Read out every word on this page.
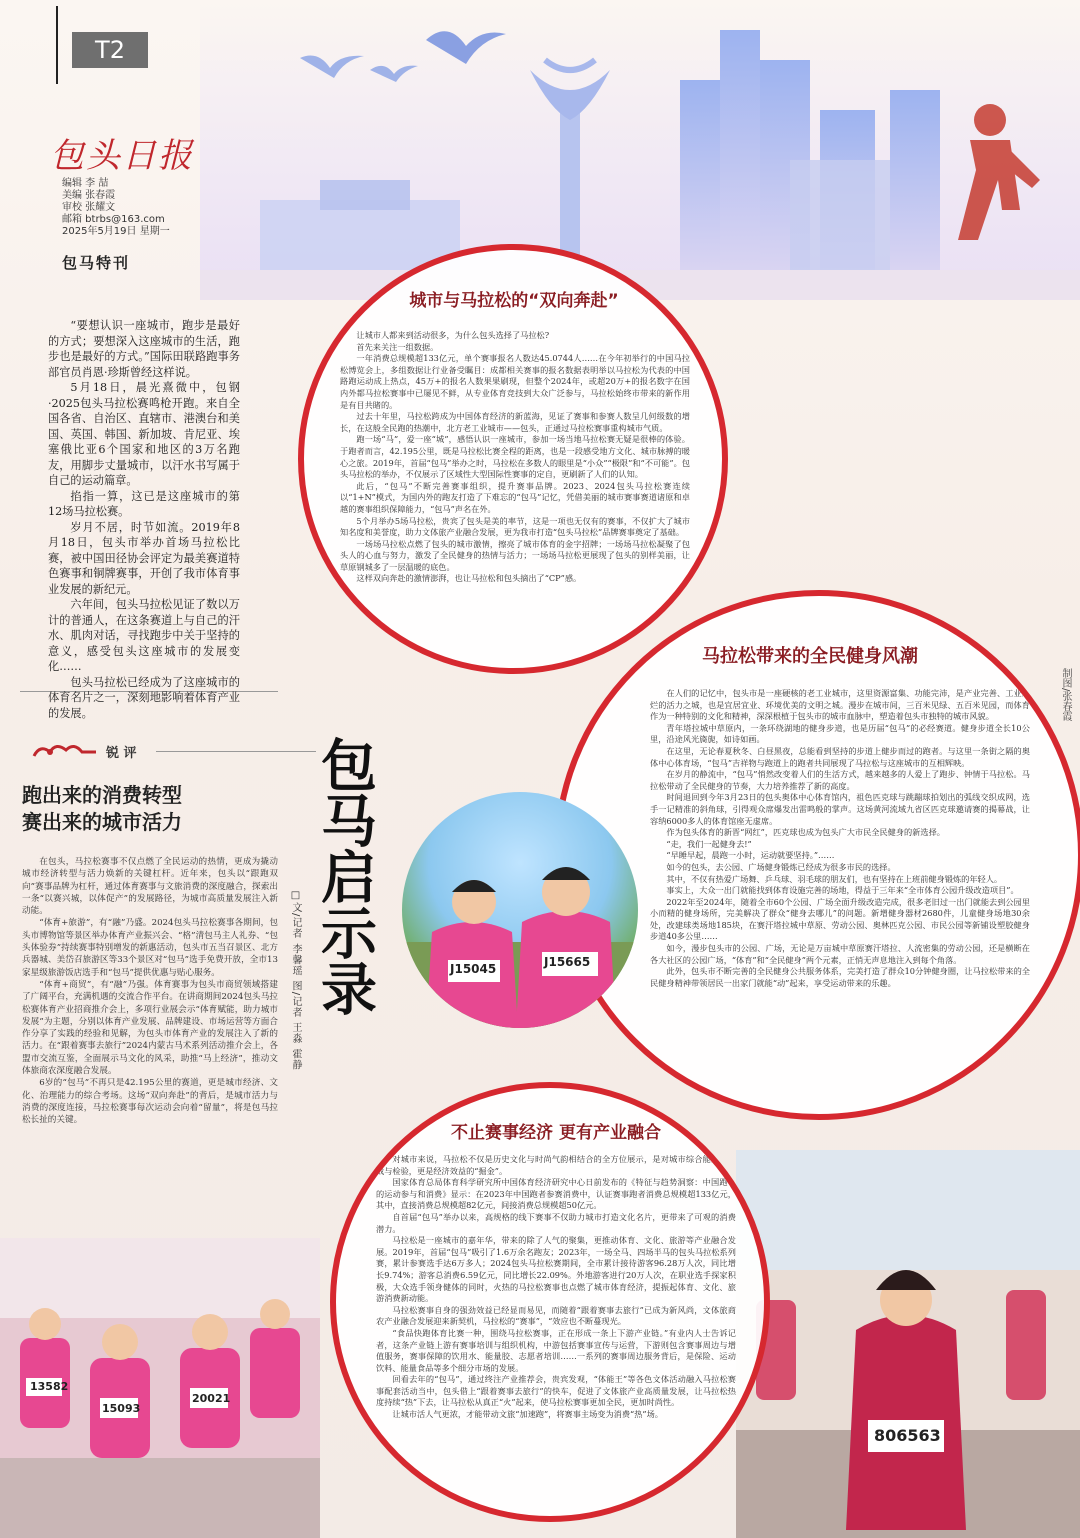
T2
包头日报
编辑 李 喆
美编 张春霞
审校 张耀文
邮箱 btrbs@163.com
2025年5月19日 星期一
包马特刊

“要想认识一座城市，跑步是最好的方式；要想深入这座城市的生活，跑步也是最好的方式。”国际田联路跑事务部官员肖恩·珍斯曾经这样说。

5月18日，晨光熹微中，包钢·2025包头马拉松赛鸣枪开跑。来自全国各省、自治区、直辖市、港澳台和美国、英国、韩国、新加坡、肯尼亚、埃塞俄比亚6个国家和地区的3万名跑友，用脚步丈量城市，以汗水书写属于自己的运动篇章。

掐指一算，这已是这座城市的第12场马拉松赛。

岁月不居，时节如流。2019年8月18日，包头市举办首场马拉松比赛，被中国田径协会评定为最美赛道特色赛事和铜牌赛事，开创了我市体育事业发展的新纪元。

六年间，包头马拉松见证了数以万计的普通人，在这条赛道上与自己的汗水、肌肉对话，寻找跑步中关于坚持的意义，感受包头这座城市的发展变化……

包头马拉松已经成为了这座城市的体育名片之一，深刻地影响着体育产业的发展。

锐 评
跑出来的消费转型
赛出来的城市活力

在包头，马拉松赛事不仅点燃了全民运动的热情，更成为撬动城市经济转型与活力焕新的关键杠杆。近年来，包头以“跟跑双向”赛事品牌为杠杆，通过体育赛事与文旅消费的深度融合，探索出一条“以赛兴城，以体促产”的发展路径，为城市高质量发展注入新动能。

“体育+旅游”，有“融”乃盛。2024包头马拉松赛事各期间，包头市博物馆等景区举办体育产业振兴会、“格”清包马主人礼券、“包头体验券”持续赛事特别增发的新惠活动，包头市五当召景区、北方兵器城、美岱召旅游区等33个景区对“包马”选手免费开放，全市13家星级旅游饭店选手和“包马”提供优惠与贴心服务。

“体育+商贸”，有“融”乃强。体育赛事为包头市商贸领域搭建了广阔平台，充满机遇的交流合作平台。在讲商期间2024包头马拉松赛体育产业招商推介会上，多项行业展会示“体育赋能，助力城市发展”为主题，分别以体育产业发展、品牌建设、市场运营等方面合作分享了实践的经验和见解，为包头市体育产业的发展注入了新的活力。在“跟着赛事去旅行”2024内蒙古马术系列活动推介会上，各盟市交流互鉴，全面展示马文化的风采，助推“马上经济”，推动文体旅商农深度融合发展。

6岁的“包马”不再只是42.195公里的赛道，更是城市经济、文化、治理能力的综合考场。这场“双向奔赴”的背后，是城市活力与消费的深度连接，马拉松赛事每次运动会向着“留量”，将是包马拉松长扯的关键。

13582
15093
20021
806563
城市与马拉松的“双向奔赴”

让城市人都来到活动很多，为什么包头选择了马拉松?

首先来关注一组数据。

一年消费总规模超133亿元，单个赛事报名人数达45.0744人……在今年初举行的中国马拉松博览会上，多组数据让行业备受瞩目：成都相关赛事的报名数据表明举以马拉松为代表的中国路跑运动成上热点，45万+的报名人数果果刷现，但整个2024年，或超20万+的报名数字在国内外都马拉松赛事中已屡见不鲜，从专业体育竞技到大众广泛参与，马拉松始终市带来的新作用是有目共睹的。

过去十年里，马拉松跨成为中国体育经济的新蓝海，见证了赛事和参赛人数呈几何级数的增长，在这般全民跑的热潮中，北方老工业城市——包头，正通过马拉松赛事重构城市气质。

跑一场“马”，爱一座“城”，感悟认识一座城市，参加一场当地马拉松赛无疑是很棒的体验。于跑者而言，42.195公里，既是马拉松比赛全程的距离，也是一段感受地方文化、城市脉搏的暖心之旅。2019年，首届“包马”举办之时，马拉松在多数人的眼里是“小众”“极限”和“不可能”。包头马拉松的举办，不仅展示了区域性大型国际性赛事的定自，更刷新了人们的认知。

此后，“包马”不断完善赛事组织，提升赛事品牌。2023、2024包头马拉松赛连续以“1+N”模式，为国内外的跑友打造了下难忘的“包马”记忆，凭借美丽的城市赛事赛道诸原和卓越的赛事组织保障能力，“包马”声名在外。

5个月举办5场马拉松，贵宾了包头是美的率节，这是一项也无仅有的赛事，不仅扩大了城市知名度和美誉度，助力文体旅产业融合发展，更为我市打造“包头马拉松”品牌赛事奠定了基础。

一场场马拉松点燃了包头的城市激情，擦亮了城市体育的金字招牌；一场场马拉松凝聚了包头人的心血与努力，激发了全民健身的热情与活力；一场场马拉松更展现了包头的别样美丽，让草原钢城多了一层温暖的底色。

这样双向奔赴的激情澎湃，也让马拉松和包头摘出了“CP”感。

马拉松带来的全民健身风潮

在人们的记忆中，包头市是一座硬核的老工业城市，这里资源富集、功能完沛，是产业完善、工业灿烂的活力之城，也是宜居宜业、环境优美的文明之城。漫步在城市间，三百米见绿、五百米见园，而体育作为一种特别的文化和精神，深深根植于包头市的城市血脉中，塑造着包头市独特的城市风貌。

青年塔拉城中草原内，一条环绕湖地的健身步道，也是历届“包马”的必经赛道。健身步道全长10公里，沿途风光旖旎，如诗如画。

在这里，无论春夏秋冬、白昼黑夜，总能看到坚持的步道上健步而过的跑者。与这里一条街之隔的奥体中心体育场，“包马”吉祥物与跑道上的跑者共同展现了马拉松与这座城市的互相辉映。

在岁月的静流中，“包马”悄然改变着人们的生活方式，越来越多的人爱上了跑步、钟情于马拉松。马拉松带动了全民健身的节奏，大力培养推荐了新的高度。

时间退回到今年3月23日的包头奥体中心体育馆内，祖色匹克球与跳蹦球拍划出的弧线交织成网，选手一记精准的斜角球，引得观众席爆发出雷鸣般的掌声。这场黄河流域九省区匹克球邀请赛的揭幕战，让容纳6000多人的体育馆座无虚席。

作为包头体育的新晋“网红”，匹克球也成为包头广大市民全民健身的新选择。

“走，我们一起健身去!”

“早睡早起，晨跑一小时，运动就要坚持。”……

如今的包头，去公园、广场健身锻炼已经成为很多市民的选择。

其中，不仅有热爱广场舞、乒乓球、羽毛球的朋友们，也有坚持在上班前健身锻炼的年轻人。

事实上，大众一出门就能找到体育设施完善的场地，得益于三年来“全市体育公园升级改造项目”。

2022年至2024年，随着全市60个公园、广场全面升级改造完成，很多老旧过一出门就能去到公园里小而精的健身场所，完美解决了群众“健身去哪儿”的问题。新增健身器材2680件，儿童健身场地30余处，改建球类场地185块，在赛汗塔拉城中草原、劳动公园、奥林匹克公园、市民公园等新铺设塑胶健身步道40多公里……

如今，漫步包头市的公园、广场，无论是万亩城中草原赛汗塔拉、人流密集的劳动公园，还是横断在各大社区的公园广场，“体育”和“全民健身”两个元素，正悄无声息地注入到每个角落。

此外，包头市不断完善的全民健身公共服务体系，完美打造了群众10分钟健身圈，让马拉松带来的全民健身精神带领居民一出家门就能“动”起来，享受运动带来的乐趣。

J15045	J15665
不止赛事经济 更有产业融合

对城市来说，马拉松不仅是历史文化与时尚气韵相结合的全方位展示，是对城市综合能力的挑战与检验，更是经济效益的“掘金”。

国家体育总局体育科学研究所中国体育经济研究中心日前发布的《特征与趋势洞察：中国跑者的运动参与和消费》显示：在2023年中国跑者参赛消费中，认证赛事跑者消费总规模超133亿元，其中，直接消费总规模超82亿元，间接消费总规模超50亿元。

自首届“包马”举办以来，高规格的线下赛事不仅助力城市打造文化名片，更带来了可观的消费潜力。

马拉松是一座城市的嘉年华，带来的除了人气的聚集，更推动体育、文化、旅游等产业融合发展。2019年，首届“包马”吸引了1.6万余名跑友；2023年，一场全马、四场半马的包头马拉松系列赛，累计参赛选手达6万多人；2024包头马拉松赛期间，全市累计接待游客96.28万人次，同比增长9.74%；游客总消费6.59亿元，同比增长22.09%。外地游客进行20万人次，在职业选手探家积极，大众选手领身健体的同时，火热的马拉松赛事也点燃了城市体育经济，提振起体育、文化、旅游消费新动能。

马拉松赛事自身的强劲效益已经显而易见，而随着“跟着赛事去旅行”已成为新风尚，文体旅商农产业融合发展迎来新契机，马拉松的“赛事”，“效应也不断蔓现光。

“食品快跑体育比赛一种，围绕马拉松赛事，正在形成一条上下游产业链。”有业内人士告诉记者，这条产业链上游有赛事培训与组织机构，中游包括赛事宣传与运营，下游则包含赛事周边与增值服务，赛事保障的饮用水、能量胶、志愿者培训……一系列的赛事周边服务背后，是保险、运动饮料、能量食品等多个细分市场的发展。

回看去年的“包马”，通过终注产业推荐会，贵宾发观，“体能王”等各色文体活动融入马拉松赛事配套活动当中，包头借上“跟着赛事去旅行”的快车，促进了文体旅产业高质量发展，让马拉松热度持续“热”下去，让马拉松从真正“火”起来，使马拉松赛事更加全民，更加时尚性。

让城市活人气更浓，才能带动文旅“加速跑”，将赛事主场变为消费“热”场。

包马启示录
□文/记者 李馨瑶 图/记者 王淼 霍静
制图/张春霞
